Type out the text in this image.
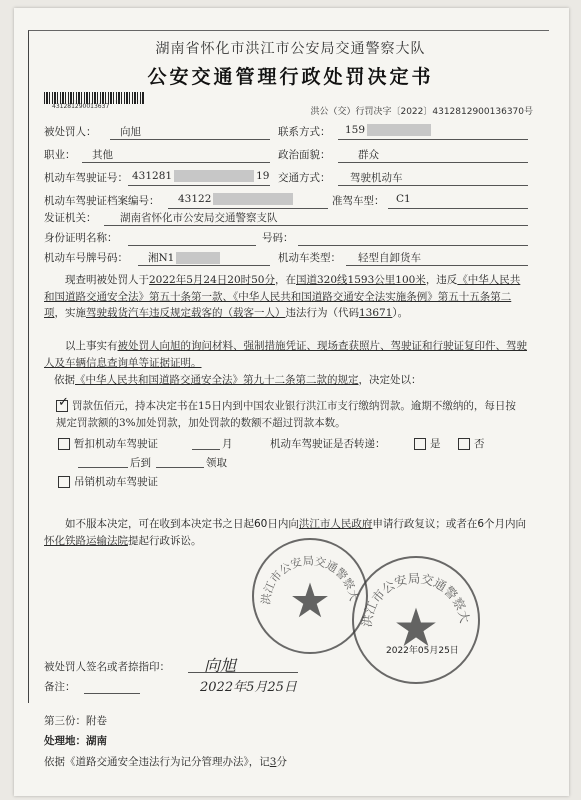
湖南省怀化市洪江市公安局交通警察大队
公安交通管理行政处罚决定书
431281290013637
洪公（交）行罚决字〔2022〕4312812900136370号
被处罚人： 向旭	联系方式： 159
职业： 其他	政治面貌：	群众
机动车驾驶证号： 431281	19 交通方式： 驾驶机动车
机动车驾驶证档案编号： 43122	准驾车型： C1
发证机关： 湖南省怀化市公安局交通警察支队
身份证明名称：	号码：
机动车号牌号码： 湘N1	机动车类型： 轻型自卸货车
现查明被处罚人于2022年5月24日20时50分，在国道320线1593公里100米，违反《中华人民共和国道路交通安全法》第五十条第一款、《中华人民共和国道路交通安全法实施条例》第五十五条第二项，实施驾驶载货汽车违反规定载客的（载客一人）违法行为（代码13671）。
以上事实有被处罚人向旭的询问材料、强制措施凭证、现场查获照片、驾驶证和行驶证复印件、驾驶人及车辆信息查询单等证据证明。
依据《中华人民共和国道路交通安全法》第九十二条第二款的规定，决定处以：
✓ 罚款伍佰元，持本决定书在15日内到中国农业银行洪江市支行缴纳罚款。逾期不缴纳的，每日按规定罚款额的3%加处罚款，加处罚款的数额不超过罚款本数。
暂扣机动车驾驶证	月
后到	领取
机动车驾驶证是否转递：	是	否
吊销机动车驾驶证
如不服本决定，可在收到本决定书之日起60日内向洪江市人民政府申请行政复议；或者在6个月内向怀化铁路运输法院提起行政诉讼。
洪江市公安局交通警察大
洪江市公安局交通警察大
2022年05月25日
被处罚人签名或者捺指印： 向旭
备注：	2022年5月25日
第三份：附卷
处理地：湖南
依据《道路交通安全违法行为记分管理办法》，记3分
